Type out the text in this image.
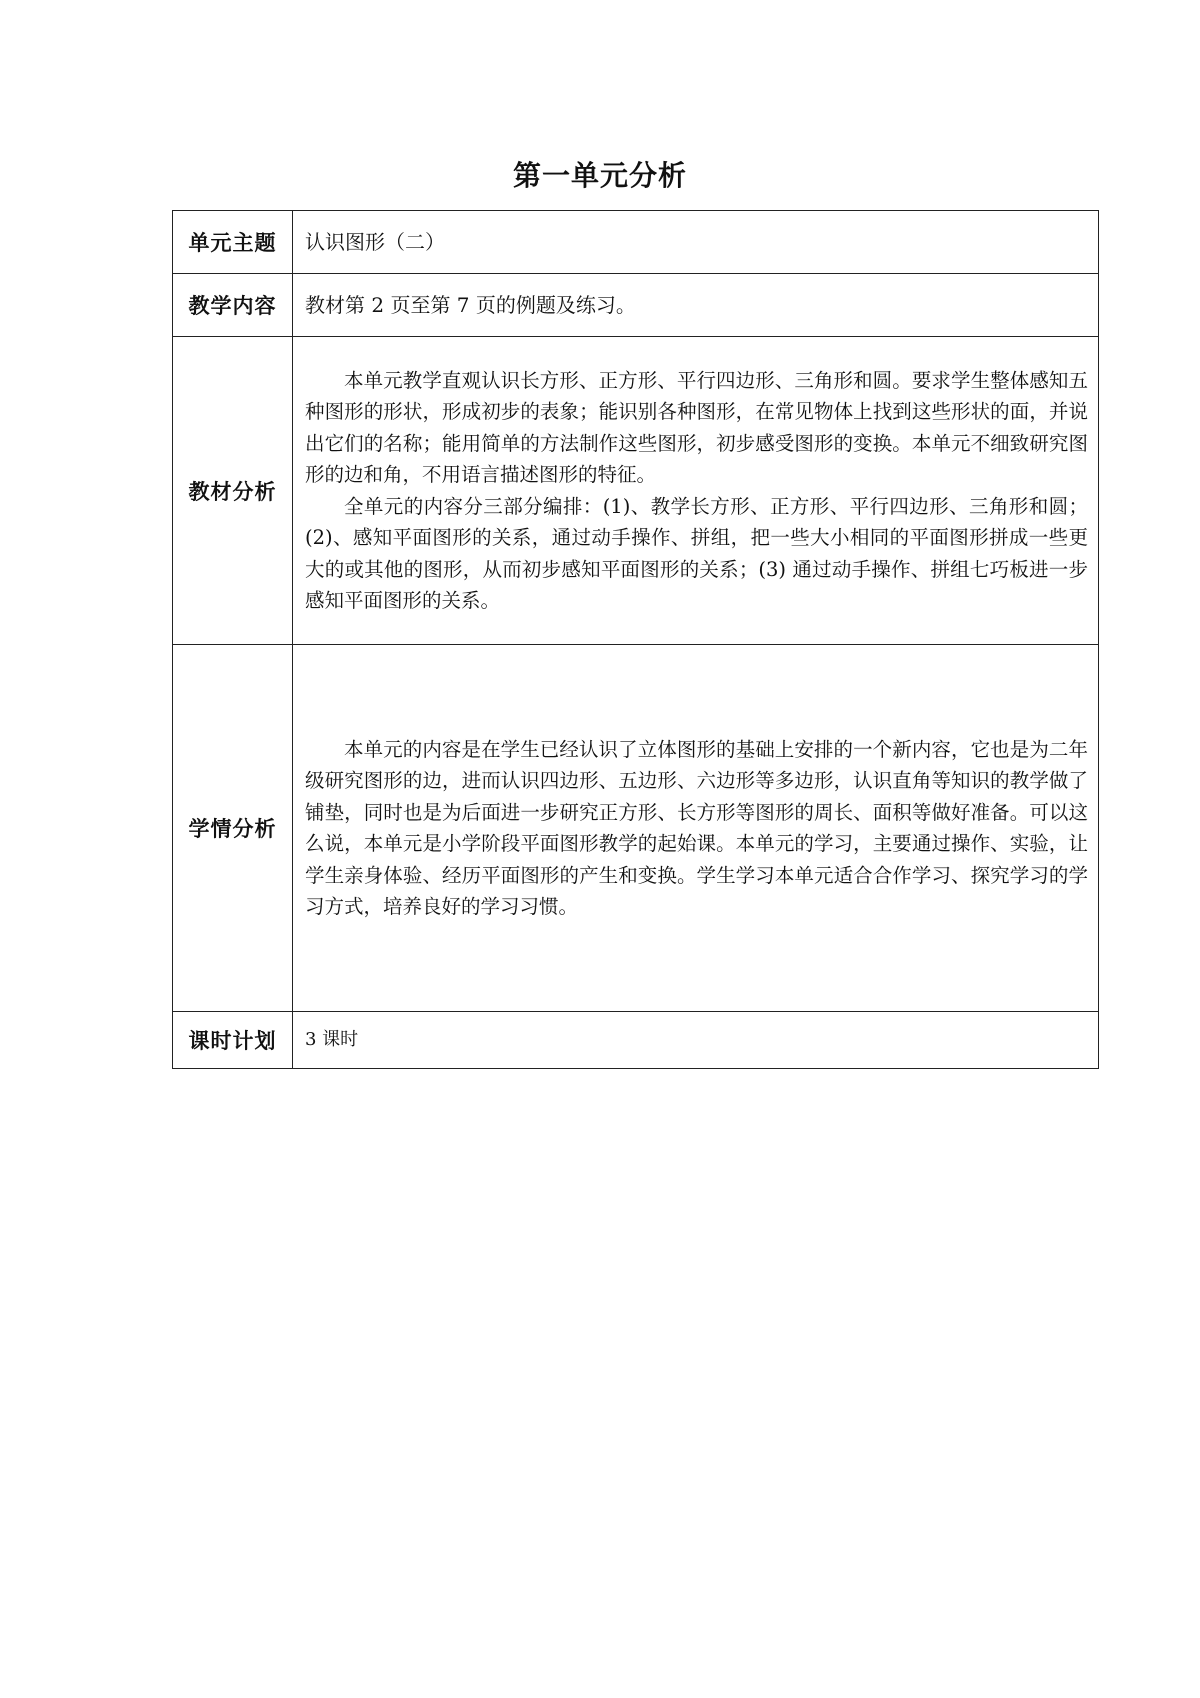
第一单元分析
单元主题	认识图形（二）
教学内容	教材第 2 页至第 7 页的例题及练习。
教材分析	本单元教学直观认识长方形、正方形、平行四边形、三角形和圆。要求学生整体感知五种图形的形状，形成初步的表象；能识别各种图形，在常见物体上找到这些形状的面，并说出它们的名称；能用简单的方法制作这些图形，初步感受图形的变换。本单元不细致研究图形的边和角，不用语言描述图形的特征。

全单元的内容分三部分编排：(1)、教学长方形、正方形、平行四边形、三角形和圆；(2)、感知平面图形的关系，通过动手操作、拼组，把一些大小相同的平面图形拼成一些更大的或其他的图形，从而初步感知平面图形的关系；(3) 通过动手操作、拼组七巧板进一步感知平面图形的关系。

学情分析	本单元的内容是在学生已经认识了立体图形的基础上安排的一个新内容，它也是为二年级研究图形的边，进而认识四边形、五边形、六边形等多边形，认识直角等知识的教学做了铺垫，同时也是为后面进一步研究正方形、长方形等图形的周长、面积等做好准备。可以这么说，本单元是小学阶段平面图形教学的起始课。本单元的学习，主要通过操作、实验，让学生亲身体验、经历平面图形的产生和变换。学生学习本单元适合合作学习、探究学习的学习方式，培养良好的学习习惯。

课时计划	3 课时
